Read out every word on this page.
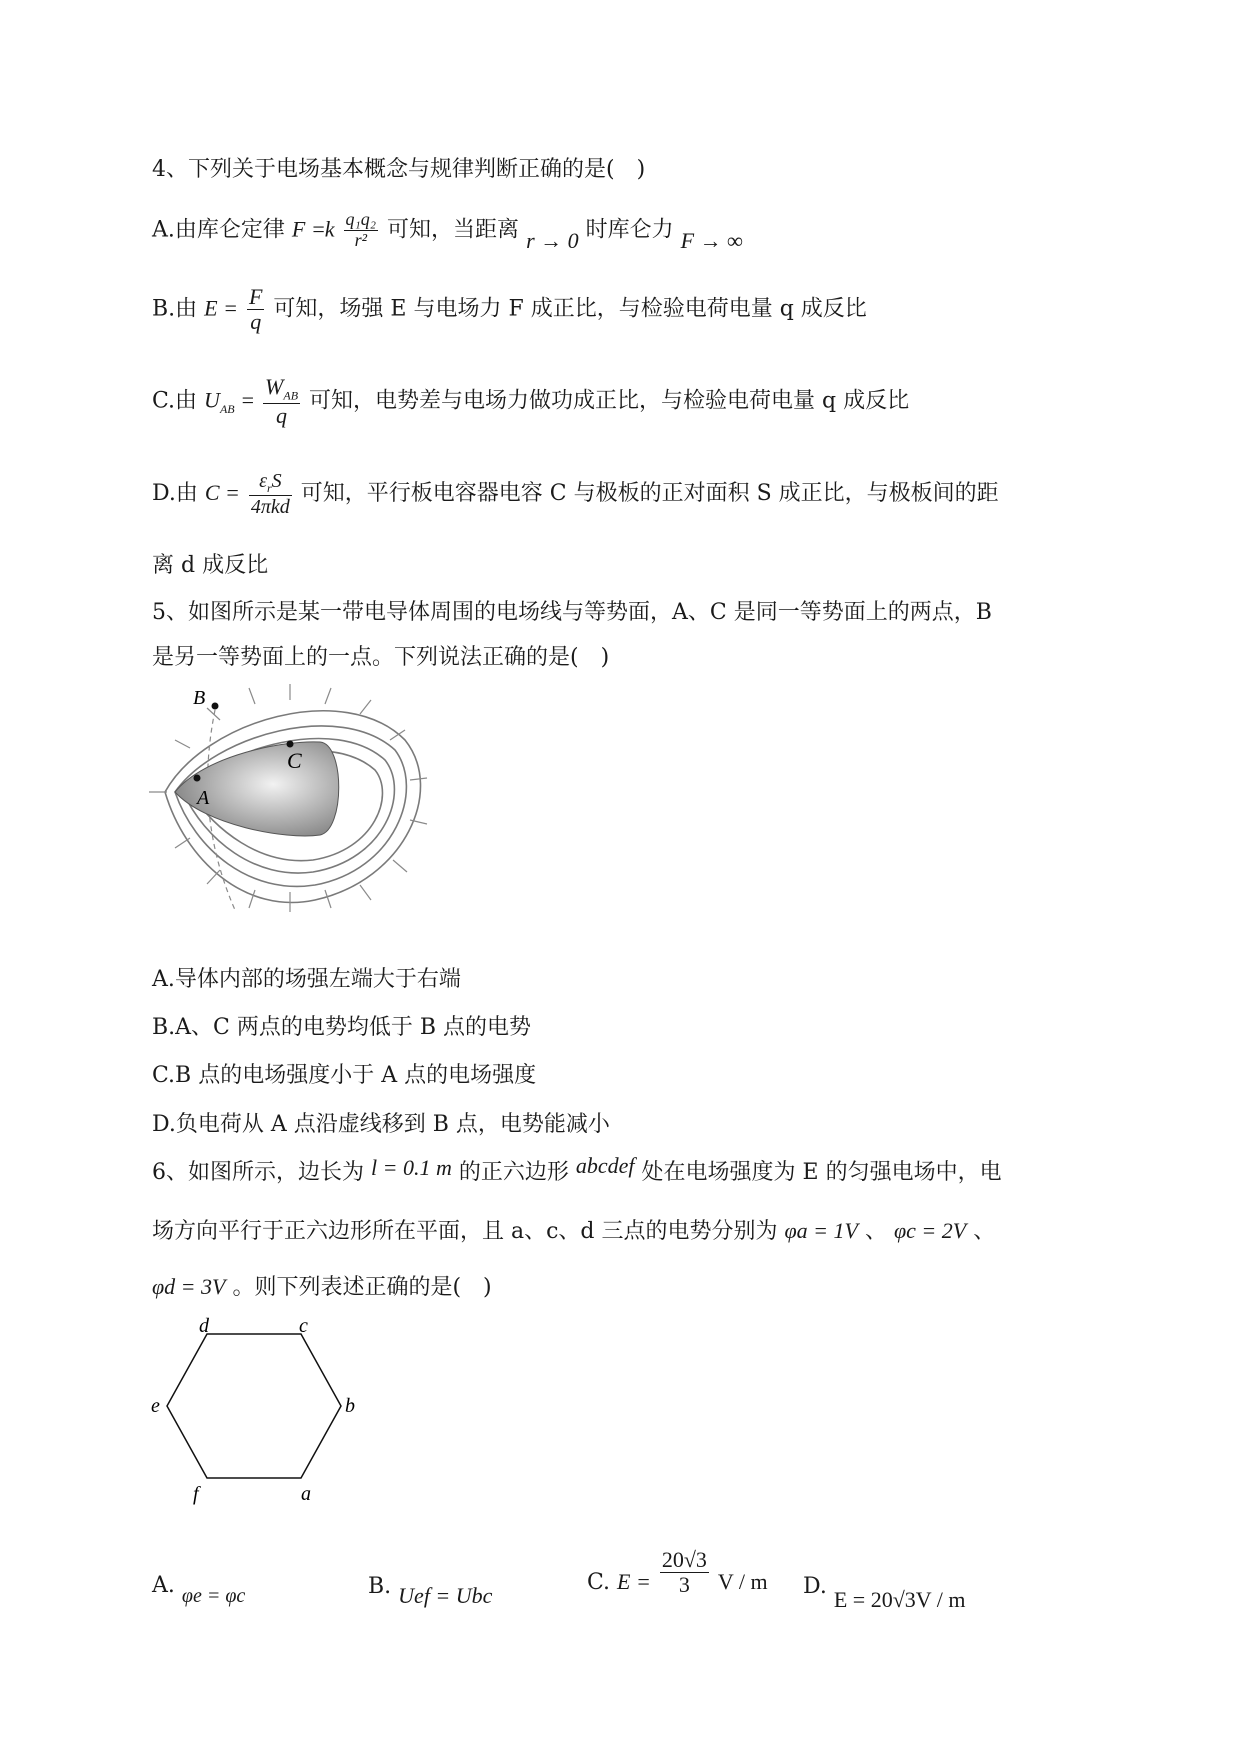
4、下列关于电场基本概念与规律判断正确的是(　)
A.由库仑定律 $F =k \frac{\text{q₁q₂}}{\text{r²}}$ 可知，当距离 r → 0 时库仑力 F → ∞
B.由 $E = \frac{F}{q}$ 可知，场强 E 与电场力 F 成正比，与检验电荷电量 q 成反比
C.由 $U_{AB} = \frac{W_{AB}}{q}$ 可知，电势差与电场力做功成正比，与检验电荷电量 q 成反比
D.由 $C = \frac{\varepsilon_rS}{\text{4πkd}}$ 可知，平行板电容器电容 C 与极板的正对面积 S 成正比，与极板间的距
离 d 成反比
5、如图所示是某一带电导体周围的电场线与等势面，A、C 是同一等势面上的两点，B
是另一等势面上的一点。下列说法正确的是(　)
B
C
A
A.导体内部的场强左端大于右端
B.A、C 两点的电势均低于 B 点的电势
C.B 点的电场强度小于 A 点的电场强度
D.负电荷从 A 点沿虚线移到 B 点，电势能减小
6、如图所示，边长为 l = 0.1 m 的正六边形 abcdef 处在电场强度为 E 的匀强电场中，电
场方向平行于正六边形所在平面，且 a、c、d 三点的电势分别为 φa = 1V 、 φc = 2V 、
φd = 3V 。则下列表述正确的是(　)
d	c
e	b
f	a
A. φe = φc	B. Uef = Ubc
C. $E = \frac{20√3}{3}$ V / m D. E = 20√3V / m
